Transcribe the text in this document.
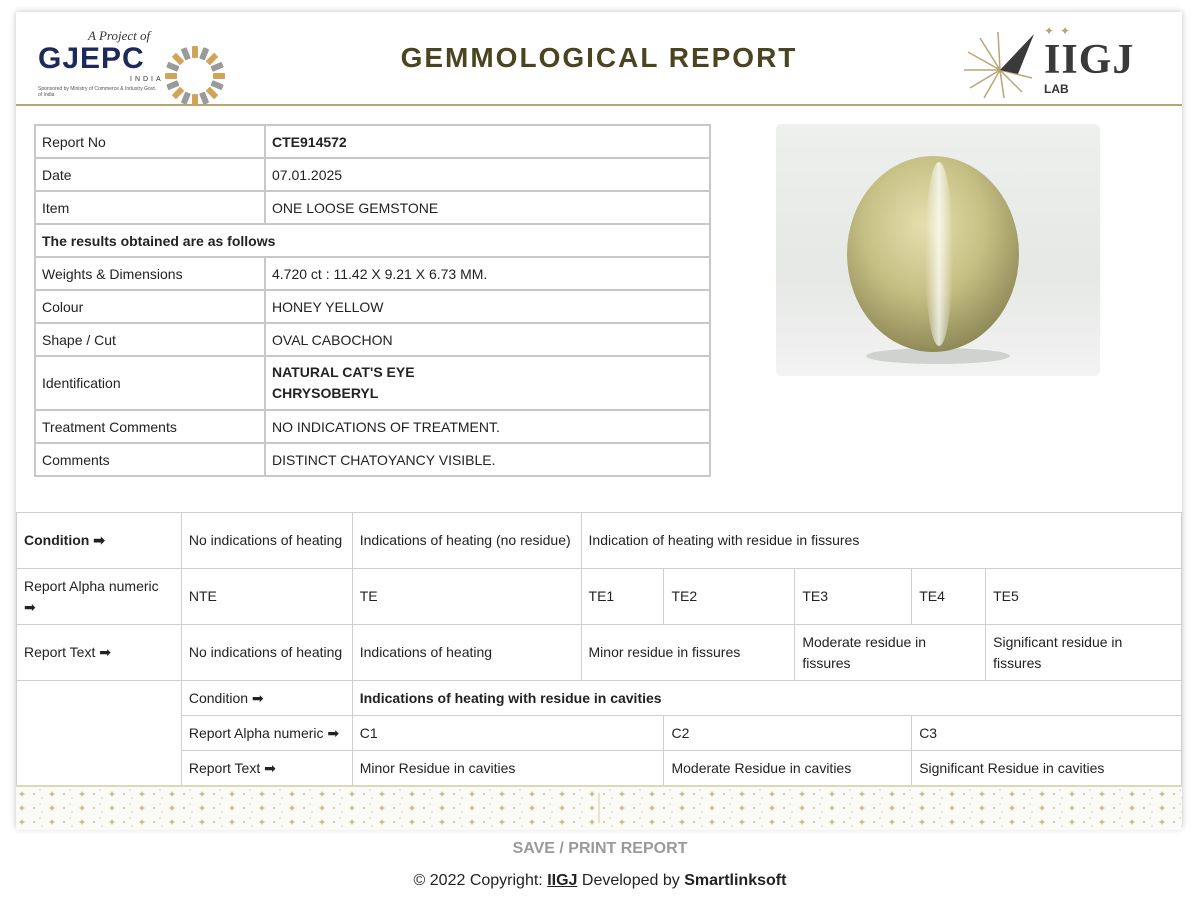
A Project of
GJEPC
INDIA
Sponsored by Ministry of Commerce & Industry Govt. of India
GEMMOLOGICAL REPORT
✦✦
IIGJ
LAB
Report No	CTE914572
Date	07.01.2025
Item	ONE LOOSE GEMSTONE
The results obtained are as follows	
Weights & Dimensions	4.720 ct : 11.42 X 9.21 X 6.73 MM.
Colour	HONEY YELLOW
Shape / Cut	OVAL CABOCHON
Identification	NATURAL CAT'S EYE
CHRYSOBERYL

Treatment Comments	NO INDICATIONS OF TREATMENT.
Comments	DISTINCT CHATOYANCY VISIBLE.
Condition ➡	No indications of heating	Indications of heating (no residue)	Indication of heating with residue in fissures				
Report Alpha numeric ➡	NTE	TE	TE1	TE2	TE3	TE4	TE5
Report Text ➡	No indications of heating	Indications of heating	Minor residue in fissures		Moderate residue in fissures		Significant residue in fissures
	Condition ➡	Indications of heating with residue in cavities					
	Report Alpha numeric ➡	C1		C2		C3	
	Report Text ➡	Minor Residue in cavities		Moderate Residue in cavities		Significant Residue in cavities	
SAVE / PRINT REPORT
© 2022 Copyright: IIGJ Developed by Smartlinksoft
